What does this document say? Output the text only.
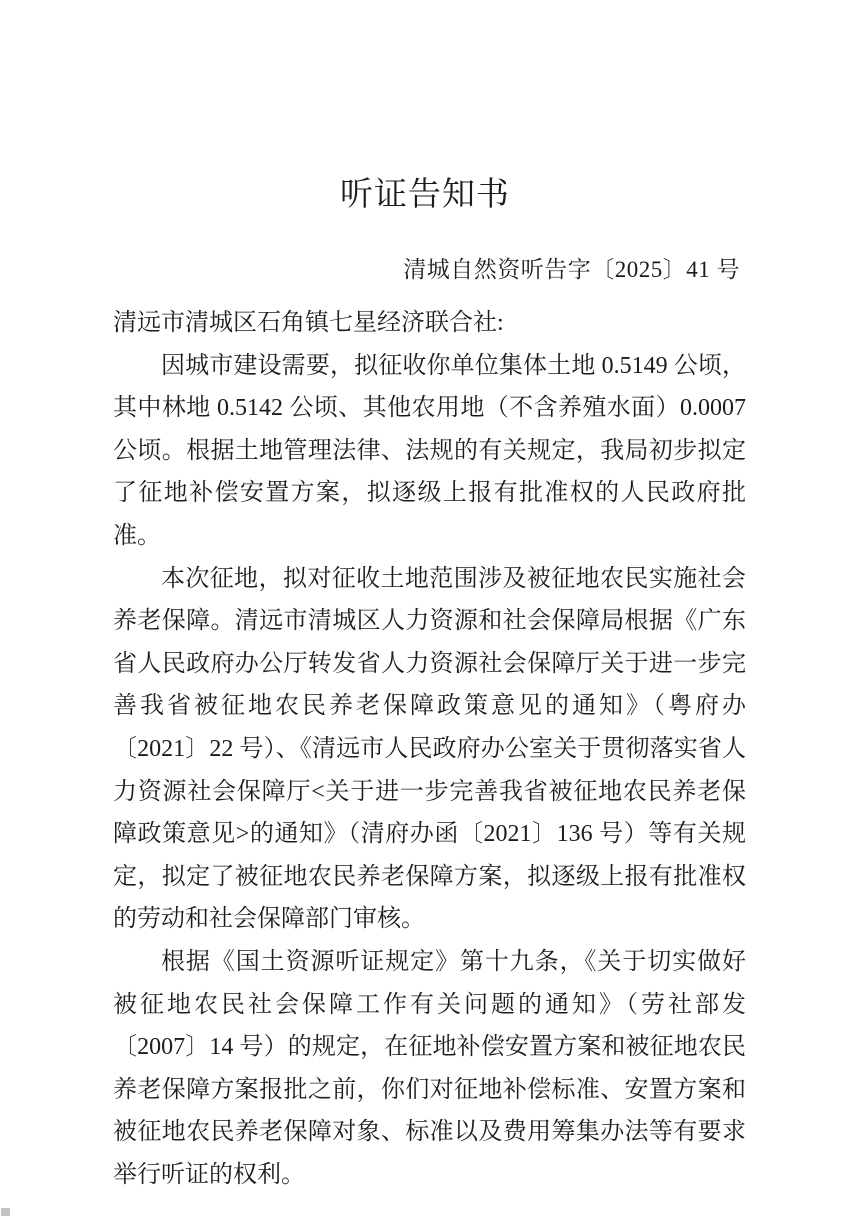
听证告知书
清城自然资听告字〔2025〕41 号

清远市清城区石角镇七星经济联合社:

因城市建设需要，拟征收你单位集体土地 0.5149 公顷，其中林地 0.5142 公顷、其他农用地（不含养殖水面）0.0007 公顷。根据土地管理法律、法规的有关规定，我局初步拟定了征地补偿安置方案，拟逐级上报有批准权的人民政府批准。

本次征地，拟对征收土地范围涉及被征地农民实施社会养老保障。清远市清城区人力资源和社会保障局根据《广东省人民政府办公厅转发省人力资源社会保障厅关于进一步完善我省被征地农民养老保障政策意见的通知》（粤府办〔2021〕22 号）、《清远市人民政府办公室关于贯彻落实省人力资源社会保障厅<关于进一步完善我省被征地农民养老保障政策意见>的通知》（清府办函〔2021〕136 号）等有关规定，拟定了被征地农民养老保障方案，拟逐级上报有批准权的劳动和社会保障部门审核。

根据《国土资源听证规定》第十九条，《关于切实做好被征地农民社会保障工作有关问题的通知》（劳社部发〔2007〕14 号）的规定，在征地补偿安置方案和被征地农民养老保障方案报批之前，你们对征地补偿标准、安置方案和被征地农民养老保障对象、标准以及费用筹集办法等有要求举行听证的权利。
